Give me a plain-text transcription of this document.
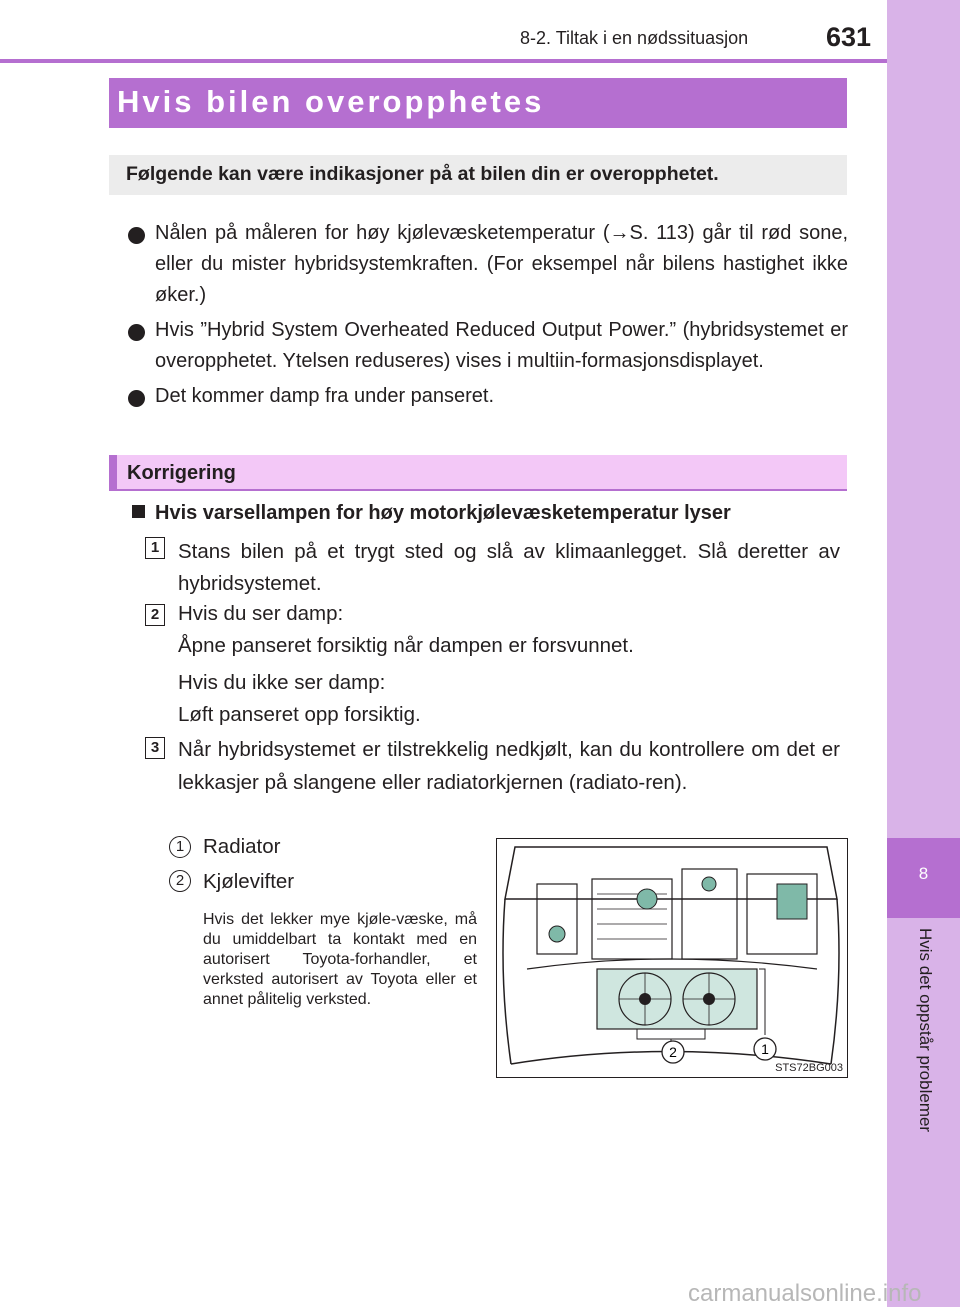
8
Hvis det oppstår problemer
8-2. Tiltak i en nødssituasjon	631
Hvis bilen overopphetes
Følgende kan være indikasjoner på at bilen din er overopphetet.
Nålen på måleren for høy kjølevæsketemperatur (→S. 113) går til rød sone, eller du mister hybridsystemkraften. (For eksempel når bilens hastighet ikke øker.)
Hvis ”Hybrid System Overheated Reduced Output Power.” (hybridsystemet er overopphetet. Ytelsen reduseres) vises i multiin-formasjonsdisplayet.
Det kommer damp fra under panseret.
Korrigering
Hvis varsellampen for høy motorkjølevæsketemperatur lyser
1 Stans bilen på et trygt sted og slå av klimaanlegget. Slå deretter av hybridsystemet.
2 Hvis du ser damp:
Åpne panseret forsiktig når dampen er forsvunnet.
Hvis du ikke ser damp:
Løft panseret opp forsiktig.
3 Når hybridsystemet er tilstrekkelig nedkjølt, kan du kontrollere om det er lekkasjer på slangene eller radiatorkjernen (radiato-ren).
1 Radiator
2 Kjølevifter
Hvis det lekker mye kjøle-væske, må du umiddelbart ta kontakt med en autorisert Toyota-forhandler, et verksted autorisert av Toyota eller et annet pålitelig verksted.
2	1
STS72BG003
carmanualsonline.info
